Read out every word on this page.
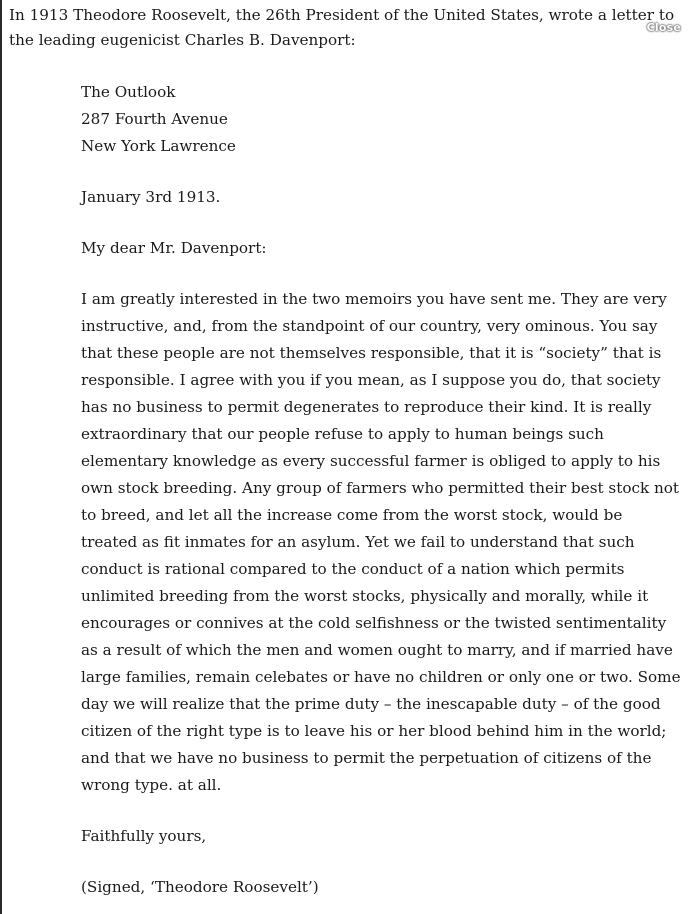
Close

In 1913 Theodore Roosevelt, the 26th President of the United States, wrote a letter to the leading eugenicist Charles B. Davenport:

The Outlook
287 Fourth Avenue
New York Lawrence

January 3rd 1913.

My dear Mr. Davenport:

I am greatly interested in the two memoirs you have sent me. They are very instructive, and, from the standpoint of our country, very ominous. You say that these people are not themselves responsible, that it is “society” that is responsible. I agree with you if you mean, as I suppose you do, that society has no business to permit degenerates to reproduce their kind. It is really extraordinary that our people refuse to apply to human beings such elementary knowledge as every successful farmer is obliged to apply to his own stock breeding. Any group of farmers who permitted their best stock not to breed, and let all the increase come from the worst stock, would be treated as fit inmates for an asylum. Yet we fail to understand that such conduct is rational compared to the conduct of a nation which permits unlimited breeding from the worst stocks, physically and morally, while it encourages or connives at the cold selfishness or the twisted sentimentality as a result of which the men and women ought to marry, and if married have large families, remain celebates or have no children or only one or two. Some day we will realize that the prime duty – the inescapable duty – of the good citizen of the right type is to leave his or her blood behind him in the world; and that we have no business to permit the perpetuation of citizens of the wrong type. at all.

Faithfully yours,

(Signed, ‘Theodore Roosevelt’)
